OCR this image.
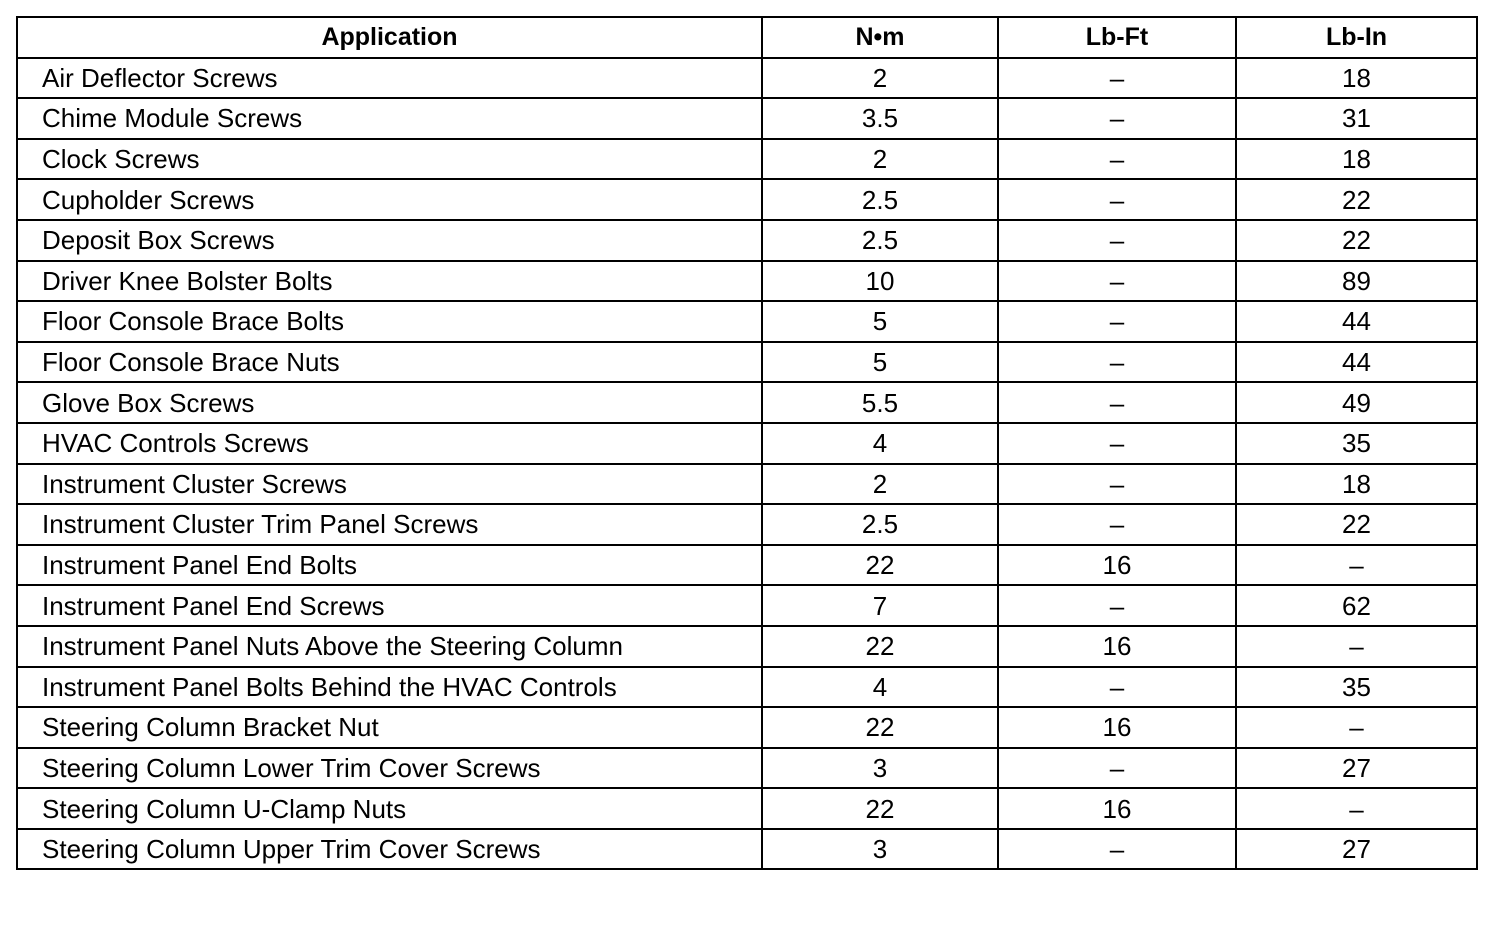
Application	N•m	Lb-Ft	Lb-In
Air Deflector Screws	2	–	18
Chime Module Screws	3.5	–	31
Clock Screws	2	–	18
Cupholder Screws	2.5	–	22
Deposit Box Screws	2.5	–	22
Driver Knee Bolster Bolts	10	–	89
Floor Console Brace Bolts	5	–	44
Floor Console Brace Nuts	5	–	44
Glove Box Screws	5.5	–	49
HVAC Controls Screws	4	–	35
Instrument Cluster Screws	2	–	18
Instrument Cluster Trim Panel Screws	2.5	–	22
Instrument Panel End Bolts	22	16	–
Instrument Panel End Screws	7	–	62
Instrument Panel Nuts Above the Steering Column	22	16	–
Instrument Panel Bolts Behind the HVAC Controls	4	–	35
Steering Column Bracket Nut	22	16	–
Steering Column Lower Trim Cover Screws	3	–	27
Steering Column U-Clamp Nuts	22	16	–
Steering Column Upper Trim Cover Screws	3	–	27
